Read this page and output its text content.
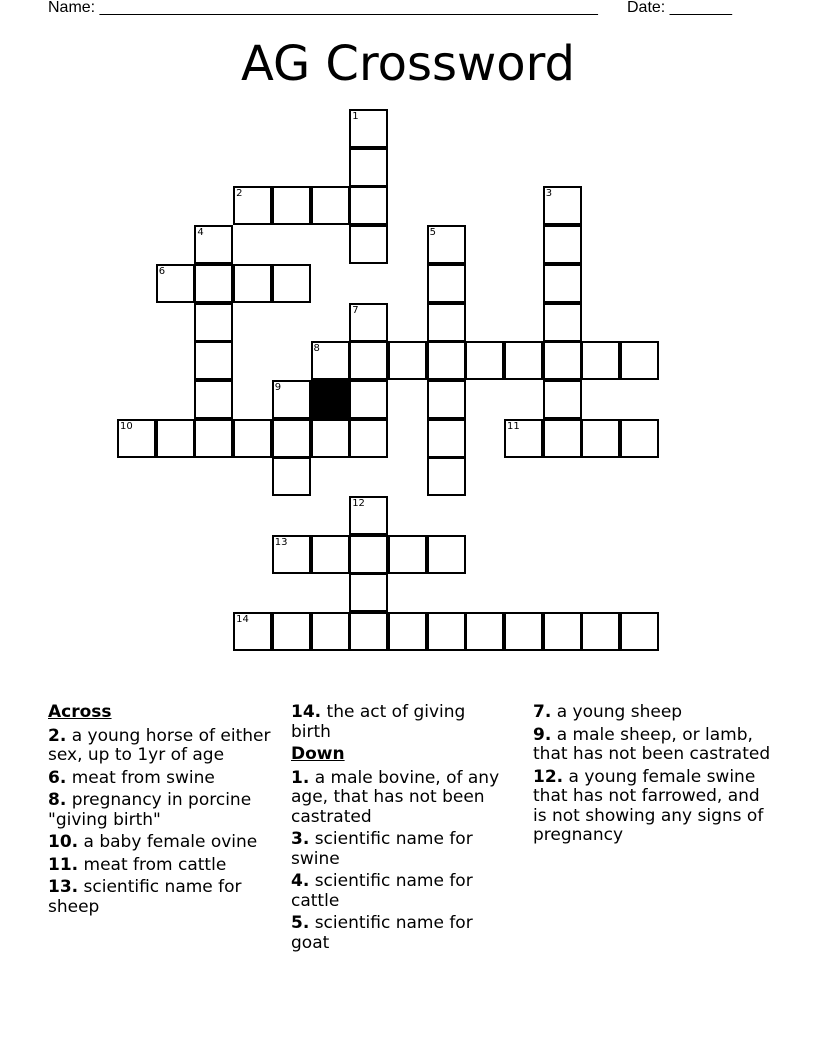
Name: ________________________________________________________ Date: _______
AG Crossword
1
2	3
4	5
6
7
8
9
10	11
12
13
14
Across
2. a young horse of either sex, up to 1yr of age
6. meat from swine
8. pregnancy in porcine "giving birth"
10. a baby female ovine
11. meat from cattle
13. scientific name for sheep
14. the act of giving birth
Down
1. a male bovine, of any age, that has not been castrated
3. scientific name for swine
4. scientific name for cattle
5. scientific name for goat
7. a young sheep
9. a male sheep, or lamb, that has not been castrated
12. a young female swine that has not farrowed, and is not showing any signs of pregnancy
